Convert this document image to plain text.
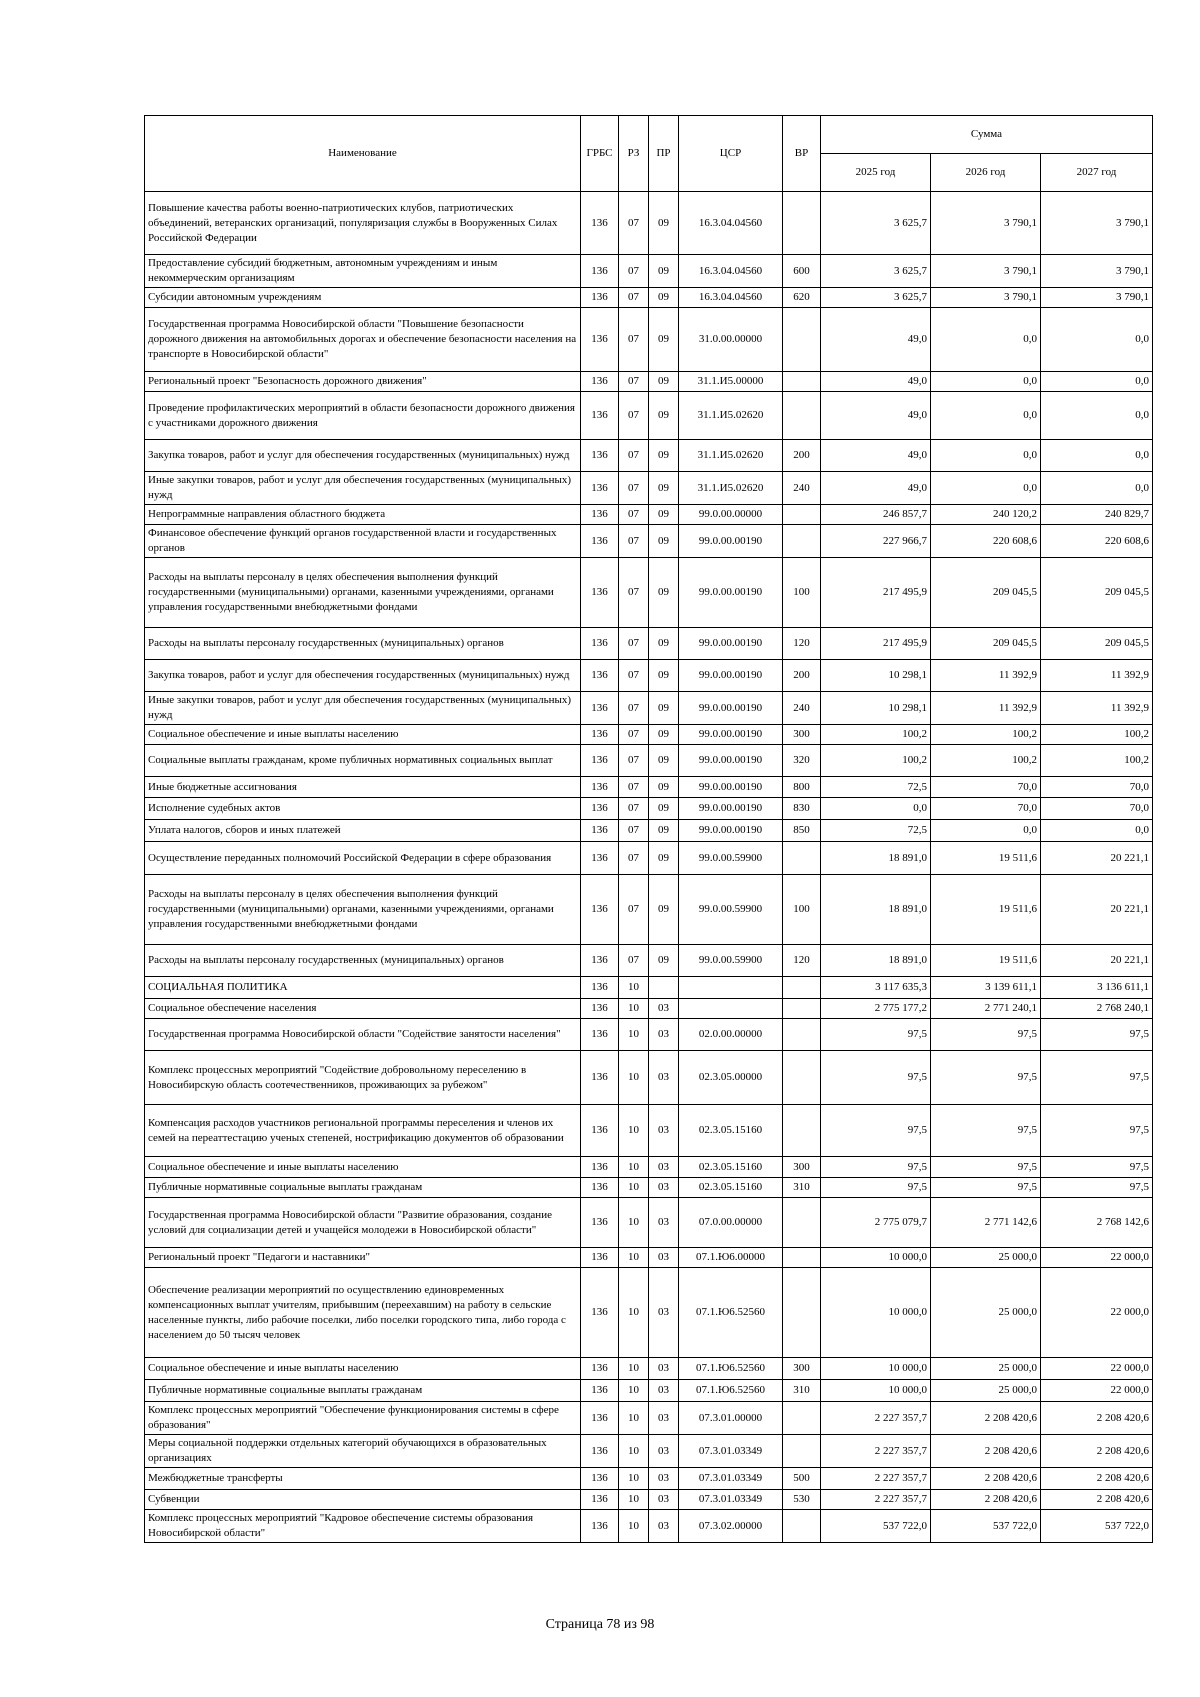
Наименование	ГРБС	РЗ	ПР	ЦСР	ВР	Сумма		
						2025 год	2026 год	2027 год
Повышение качества работы военно-патриотических клубов, патриотических объединений, ветеранских организаций, популяризация службы в Вооруженных Силах Российской Федерации	136	07	09	16.3.04.04560		3 625,7	3 790,1	3 790,1
Предоставление субсидий бюджетным, автономным учреждениям и иным некоммерческим организациям	136	07	09	16.3.04.04560	600	3 625,7	3 790,1	3 790,1
Субсидии автономным учреждениям	136	07	09	16.3.04.04560	620	3 625,7	3 790,1	3 790,1
Государственная программа Новосибирской области "Повышение безопасности дорожного движения на автомобильных дорогах и обеспечение безопасности населения на транспорте в Новосибирской области"	136	07	09	31.0.00.00000		49,0	0,0	0,0
Региональный проект "Безопасность дорожного движения"	136	07	09	31.1.И5.00000		49,0	0,0	0,0
Проведение профилактических мероприятий в области безопасности дорожного движения с участниками дорожного движения	136	07	09	31.1.И5.02620		49,0	0,0	0,0
Закупка товаров, работ и услуг для обеспечения государственных (муниципальных) нужд	136	07	09	31.1.И5.02620	200	49,0	0,0	0,0
Иные закупки товаров, работ и услуг для обеспечения государственных (муниципальных) нужд	136	07	09	31.1.И5.02620	240	49,0	0,0	0,0
Непрограммные направления областного бюджета	136	07	09	99.0.00.00000		246 857,7	240 120,2	240 829,7
Финансовое обеспечение функций органов государственной власти и государственных органов	136	07	09	99.0.00.00190		227 966,7	220 608,6	220 608,6
Расходы на выплаты персоналу в целях обеспечения выполнения функций государственными (муниципальными) органами, казенными учреждениями, органами управления государственными внебюджетными фондами	136	07	09	99.0.00.00190	100	217 495,9	209 045,5	209 045,5
Расходы на выплаты персоналу государственных (муниципальных) органов	136	07	09	99.0.00.00190	120	217 495,9	209 045,5	209 045,5
Закупка товаров, работ и услуг для обеспечения государственных (муниципальных) нужд	136	07	09	99.0.00.00190	200	10 298,1	11 392,9	11 392,9
Иные закупки товаров, работ и услуг для обеспечения государственных (муниципальных) нужд	136	07	09	99.0.00.00190	240	10 298,1	11 392,9	11 392,9
Социальное обеспечение и иные выплаты населению	136	07	09	99.0.00.00190	300	100,2	100,2	100,2
Социальные выплаты гражданам, кроме публичных нормативных социальных выплат	136	07	09	99.0.00.00190	320	100,2	100,2	100,2
Иные бюджетные ассигнования	136	07	09	99.0.00.00190	800	72,5	70,0	70,0
Исполнение судебных актов	136	07	09	99.0.00.00190	830	0,0	70,0	70,0
Уплата налогов, сборов и иных платежей	136	07	09	99.0.00.00190	850	72,5	0,0	0,0
Осуществление переданных полномочий Российской Федерации в сфере образования	136	07	09	99.0.00.59900		18 891,0	19 511,6	20 221,1
Расходы на выплаты персоналу в целях обеспечения выполнения функций государственными (муниципальными) органами, казенными учреждениями, органами управления государственными внебюджетными фондами	136	07	09	99.0.00.59900	100	18 891,0	19 511,6	20 221,1
Расходы на выплаты персоналу государственных (муниципальных) органов	136	07	09	99.0.00.59900	120	18 891,0	19 511,6	20 221,1
СОЦИАЛЬНАЯ ПОЛИТИКА	136	10				3 117 635,3	3 139 611,1	3 136 611,1
Социальное обеспечение населения	136	10	03			2 775 177,2	2 771 240,1	2 768 240,1
Государственная программа Новосибирской области "Содействие занятости населения"	136	10	03	02.0.00.00000		97,5	97,5	97,5
Комплекс процессных мероприятий "Содействие добровольному переселению в Новосибирскую область соотечественников, проживающих за рубежом"	136	10	03	02.3.05.00000		97,5	97,5	97,5
Компенсация расходов участников региональной программы переселения и членов их семей на переаттестацию ученых степеней, нострификацию документов об образовании	136	10	03	02.3.05.15160		97,5	97,5	97,5
Социальное обеспечение и иные выплаты населению	136	10	03	02.3.05.15160	300	97,5	97,5	97,5
Публичные нормативные социальные выплаты гражданам	136	10	03	02.3.05.15160	310	97,5	97,5	97,5
Государственная программа Новосибирской области "Развитие образования, создание условий для социализации детей и учащейся молодежи в Новосибирской области"	136	10	03	07.0.00.00000		2 775 079,7	2 771 142,6	2 768 142,6
Региональный проект "Педагоги и наставники"	136	10	03	07.1.Ю6.00000		10 000,0	25 000,0	22 000,0
Обеспечение реализации мероприятий по осуществлению единовременных компенсационных выплат учителям, прибывшим (переехавшим) на работу в сельские населенные пункты, либо рабочие поселки, либо поселки городского типа, либо города с населением до 50 тысяч человек	136	10	03	07.1.Ю6.52560		10 000,0	25 000,0	22 000,0
Социальное обеспечение и иные выплаты населению	136	10	03	07.1.Ю6.52560	300	10 000,0	25 000,0	22 000,0
Публичные нормативные социальные выплаты гражданам	136	10	03	07.1.Ю6.52560	310	10 000,0	25 000,0	22 000,0
Комплекс процессных мероприятий "Обеспечение функционирования системы в сфере образования"	136	10	03	07.3.01.00000		2 227 357,7	2 208 420,6	2 208 420,6
Меры социальной поддержки отдельных категорий обучающихся в образовательных организациях	136	10	03	07.3.01.03349		2 227 357,7	2 208 420,6	2 208 420,6
Межбюджетные трансферты	136	10	03	07.3.01.03349	500	2 227 357,7	2 208 420,6	2 208 420,6
Субвенции	136	10	03	07.3.01.03349	530	2 227 357,7	2 208 420,6	2 208 420,6
Комплекс процессных мероприятий "Кадровое обеспечение системы образования Новосибирской области"	136	10	03	07.3.02.00000		537 722,0	537 722,0	537 722,0
Страница 78 из 98
